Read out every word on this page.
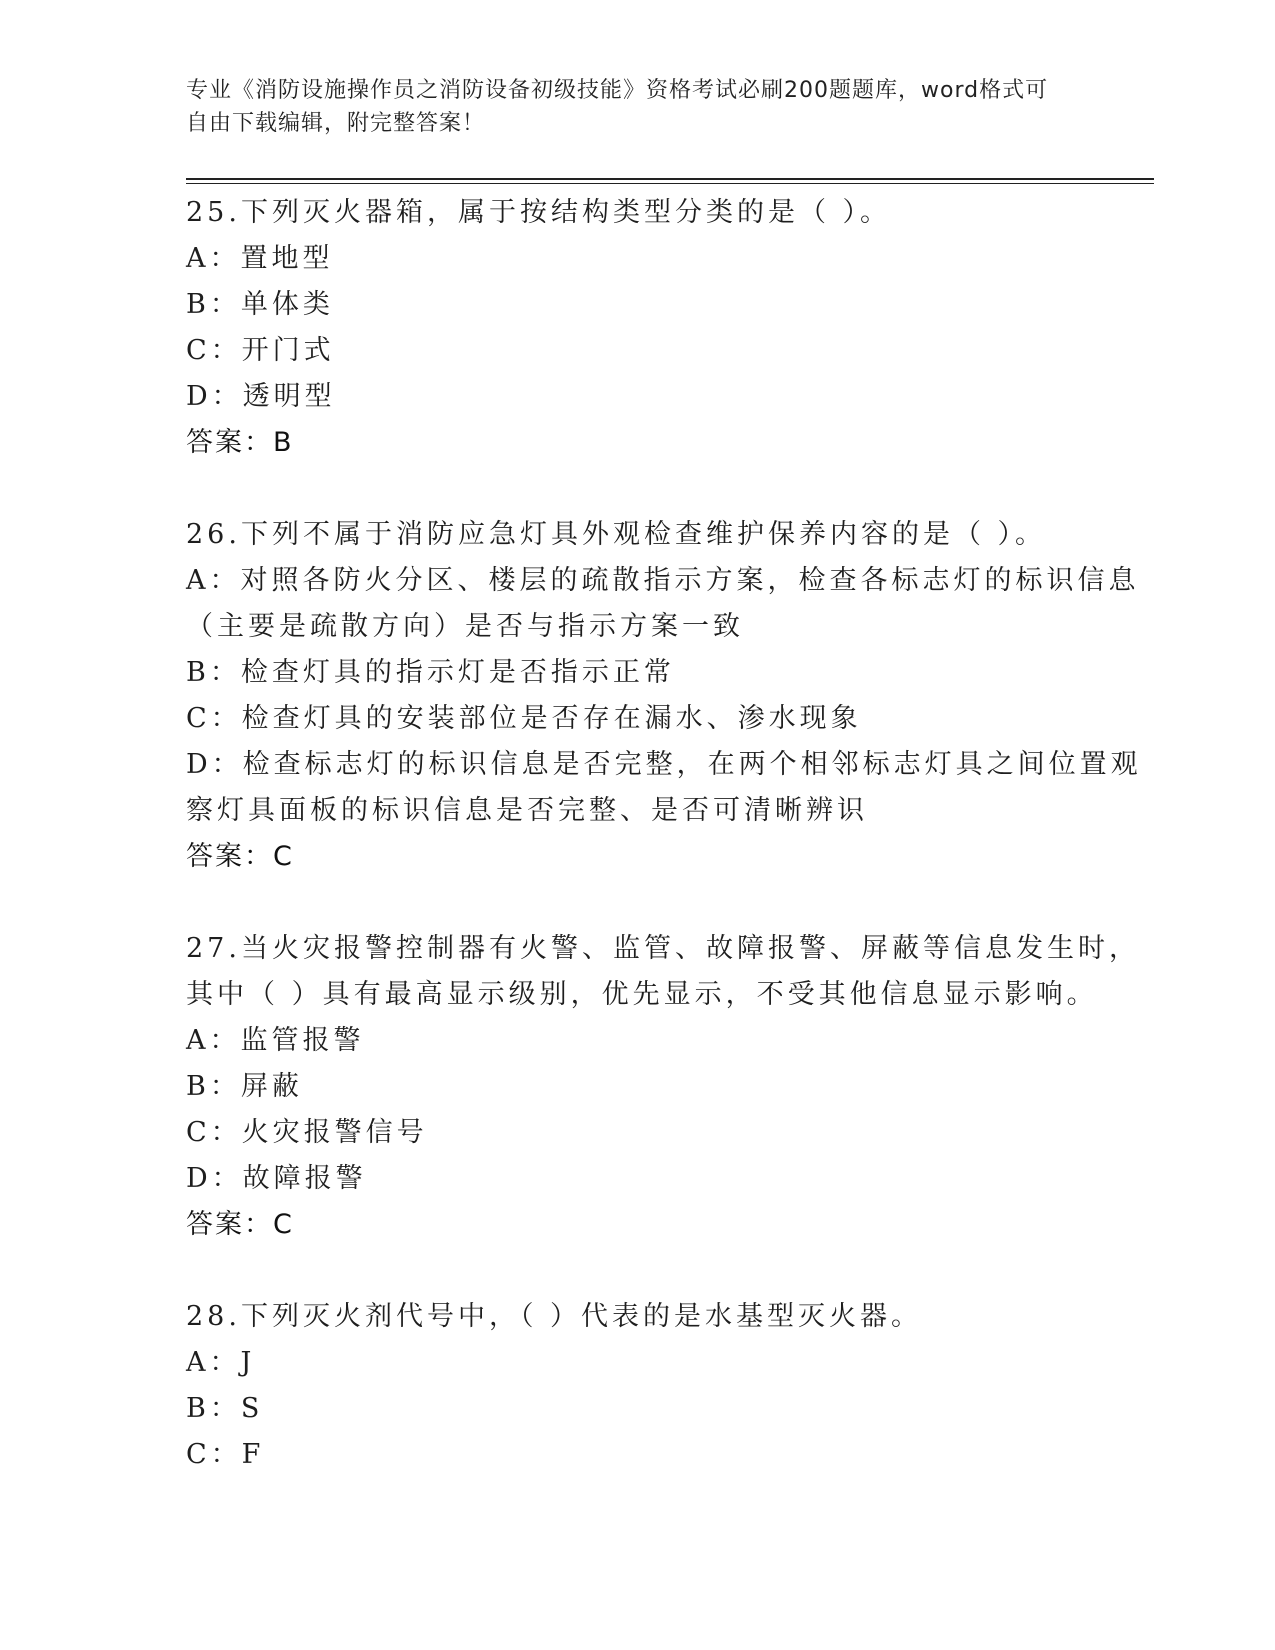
专业《消防设施操作员之消防设备初级技能》资格考试必刷200题题库，word格式可自由下载编辑，附完整答案！
25.下列灭火器箱，属于按结构类型分类的是（ ）。
A：置地型
B：单体类
C：开门式
D：透明型
答案：B
26.下列不属于消防应急灯具外观检查维护保养内容的是（ ）。
A：对照各防火分区、楼层的疏散指示方案，检查各标志灯的标识信息
（主要是疏散方向）是否与指示方案一致
B：检查灯具的指示灯是否指示正常
C：检查灯具的安装部位是否存在漏水、渗水现象
D：检查标志灯的标识信息是否完整，在两个相邻标志灯具之间位置观
察灯具面板的标识信息是否完整、是否可清晰辨识
答案：C
27.当火灾报警控制器有火警、监管、故障报警、屏蔽等信息发生时，
其中（ ）具有最高显示级别，优先显示，不受其他信息显示影响。
A：监管报警
B：屏蔽
C：火灾报警信号
D：故障报警
答案：C
28.下列灭火剂代号中，（ ）代表的是水基型灭火器。
A：J
B：S
C：F
